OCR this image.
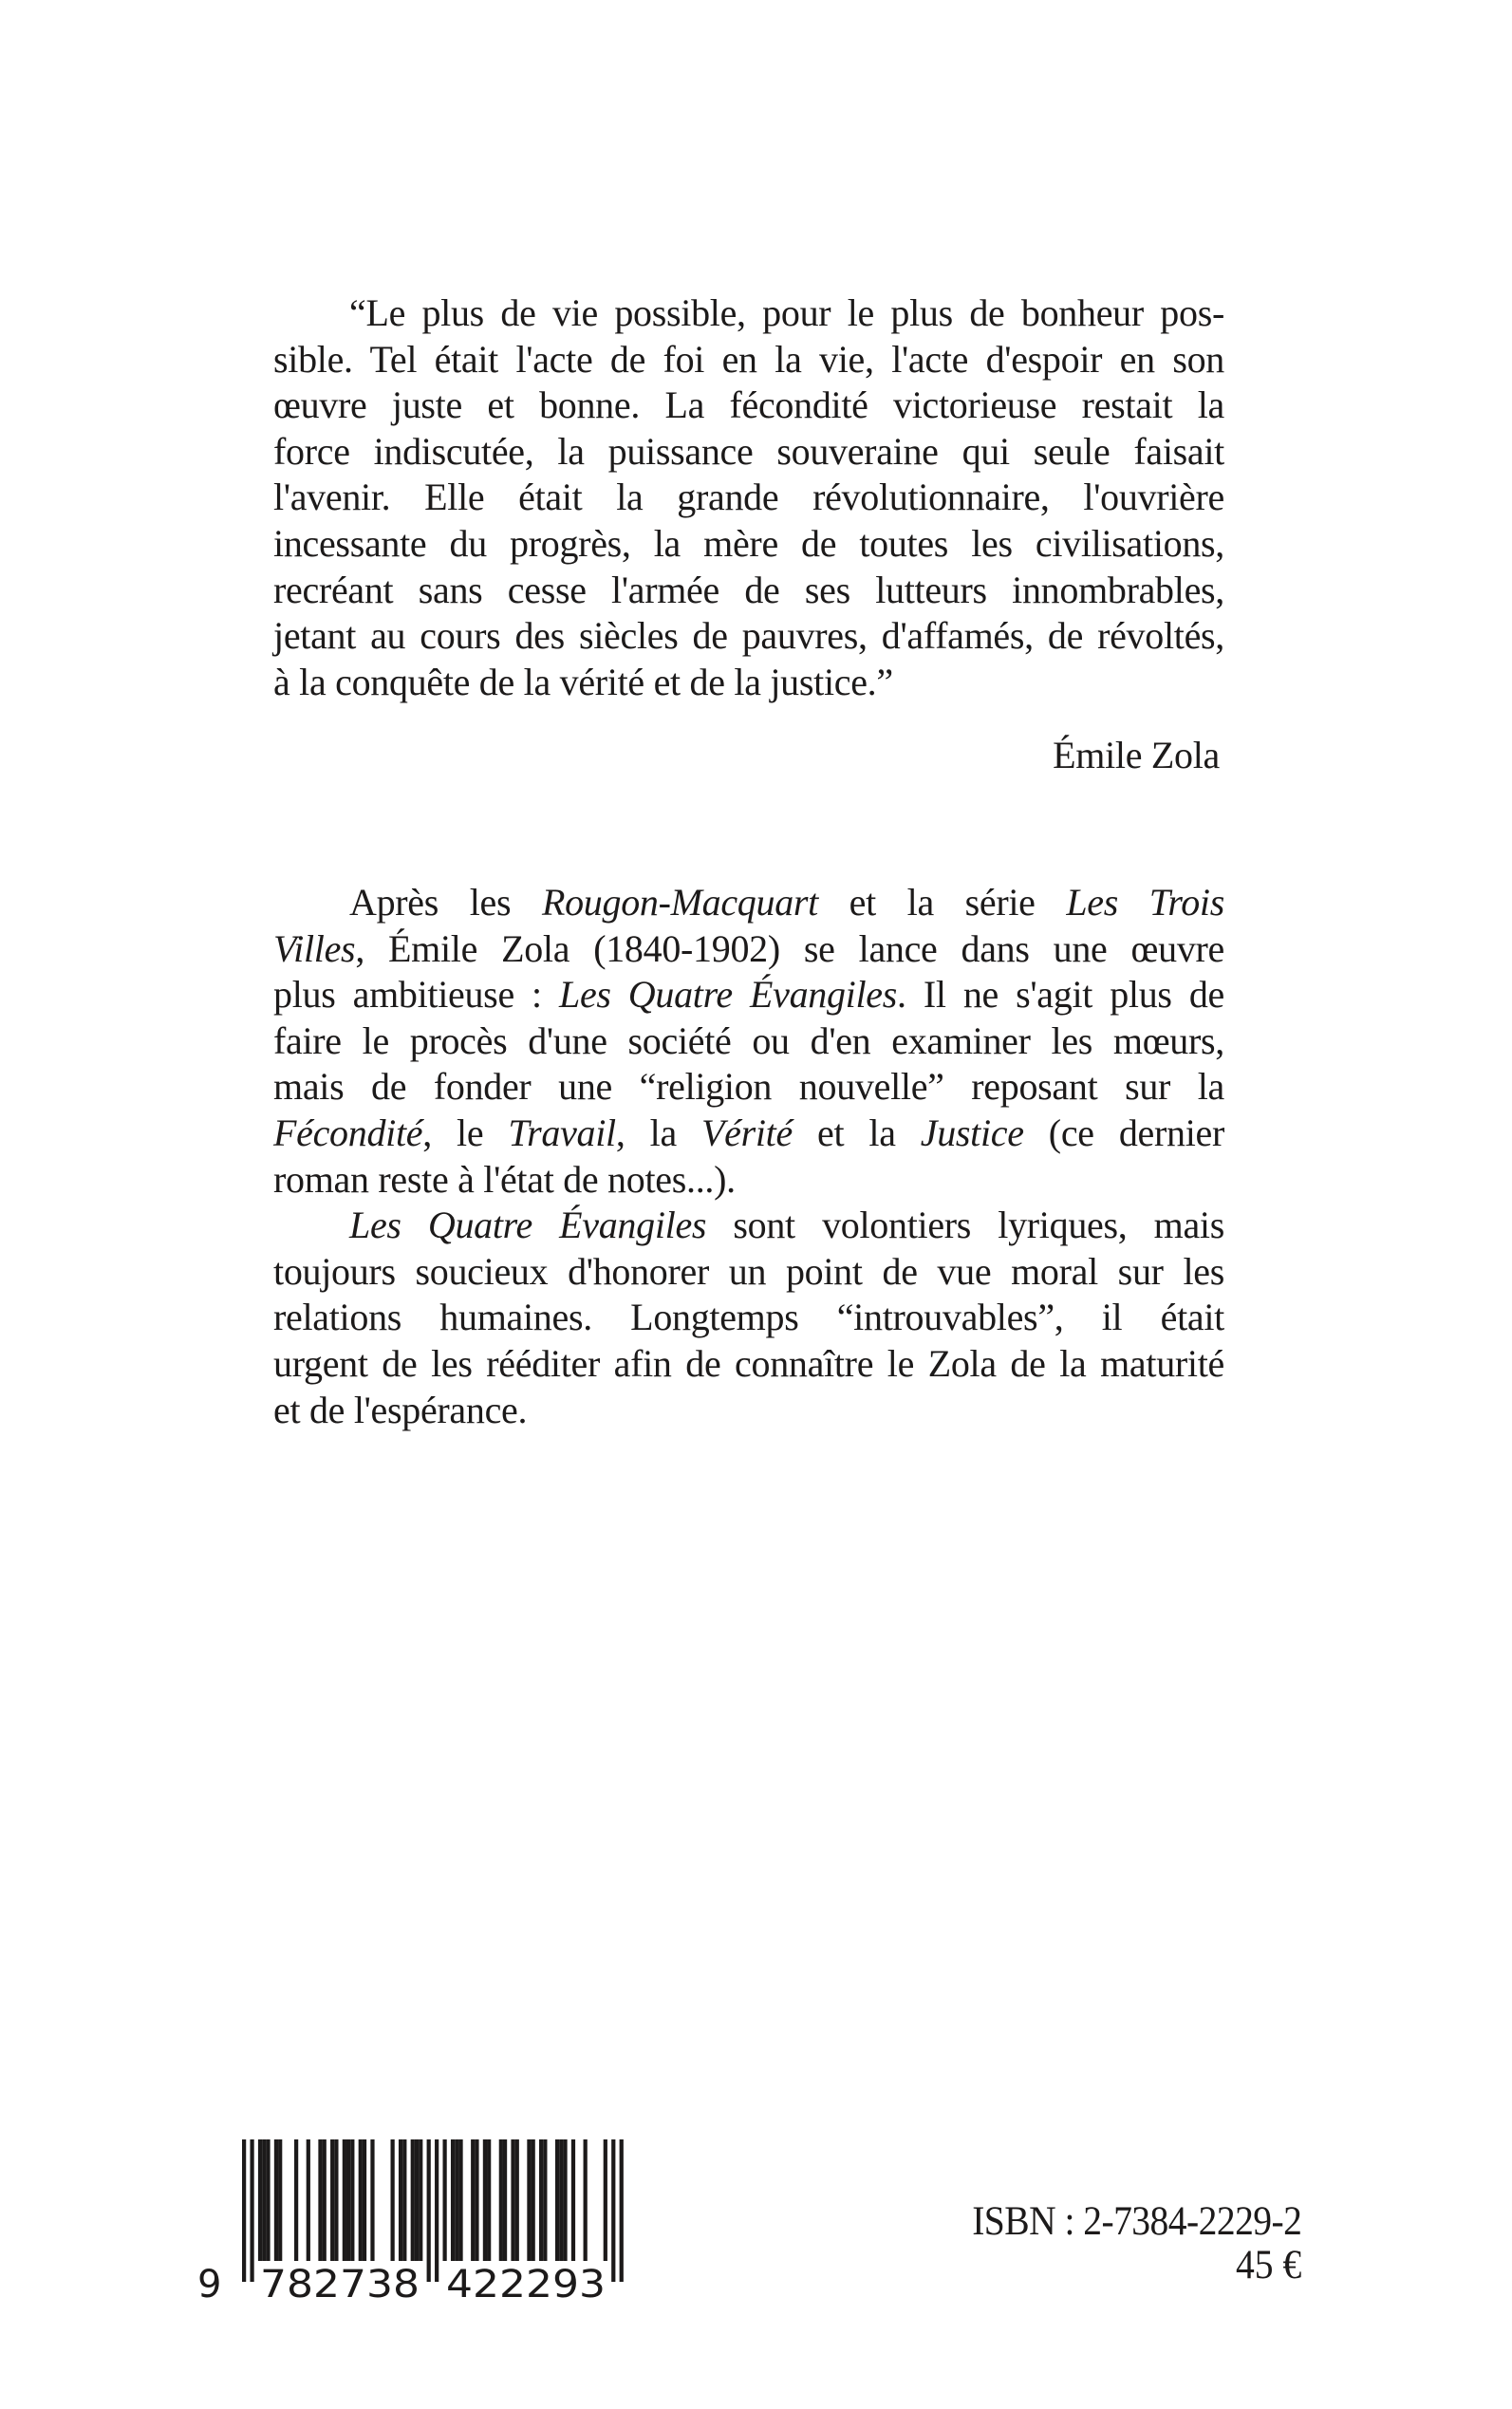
“Le plus de vie possible, pour le plus de bonheur pos-
sible. Tel était l'acte de foi en la vie, l'acte d'espoir en son
œuvre juste et bonne. La fécondité victorieuse restait la
force indiscutée, la puissance souveraine qui seule faisait
l'avenir. Elle était la grande révolutionnaire, l'ouvrière
incessante du progrès, la mère de toutes les civilisations,
recréant sans cesse l'armée de ses lutteurs innombrables,
jetant au cours des siècles de pauvres, d'affamés, de révoltés,
à la conquête de la vérité et de la justice.”
Émile Zola
Après les Rougon-Macquart et la série Les Trois
Villes, Émile Zola (1840-1902) se lance dans une œuvre
plus ambitieuse : Les Quatre Évangiles. Il ne s'agit plus de
faire le procès d'une société ou d'en examiner les mœurs,
mais de fonder une “religion nouvelle” reposant sur la
Fécondité, le Travail, la Vérité et la Justice (ce dernier
roman reste à l'état de notes...).
Les Quatre Évangiles sont volontiers lyriques, mais
toujours soucieux d'honorer un point de vue moral sur les
relations humaines. Longtemps “introuvables”, il était
urgent de les rééditer afin de connaître le Zola de la maturité
et de l'espérance.
9 782738 422293
ISBN : 2-7384-2229-2
45 €
